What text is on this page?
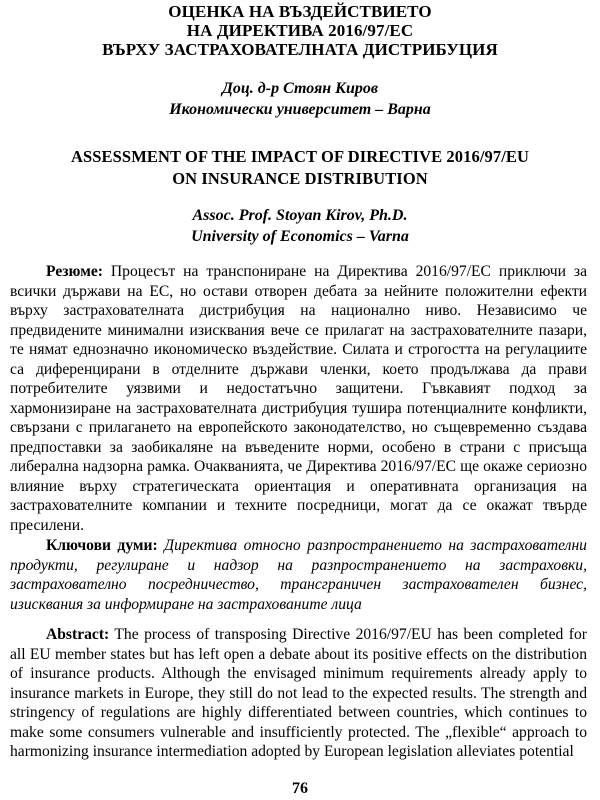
ОЦЕНКА НА ВЪЗДЕЙСТВИЕТО
НА ДИРЕКТИВА 2016/97/ЕС
ВЪРХУ ЗАСТРАХОВАТЕЛНАТА ДИСТРИБУЦИЯ
Доц. д-р Стоян Киров
Икономически университет – Варна
ASSESSMENT OF THE IMPACT OF DIRECTIVE 2016/97/EU
ON INSURANCE DISTRIBUTION
Assoc. Prof. Stoyan Kirov, Ph.D.
University of Economics – Varna

Резюме: Процесът на транспониране на Директива 2016/97/ЕС приключи за всички държави на ЕС, но остави отворен дебата за нейните положителни ефекти върху застрахователната дистрибуция на национално ниво. Независимо че предвидените минимални изисквания вече се прилагат на застрахователните пазари, те нямат еднозначно икономическо въздействие. Силата и строгостта на регулациите са диференцирани в отделните държави членки, което продължава да прави потребителите уязвими и недостатъчно защитени. Гъвкавият подход за хармонизиране на застрахователната дистрибуция туширa потенциалните конфликти, свързани с прилагането на европейското законодателство, но същевременно създава предпоставки за заобикаляне на въведените норми, особено в страни с присъща либерална надзорна рамка. Очакванията, че Директива 2016/97/ЕС ще окаже сериозно влияние върху стратегическата ориентация и оперативната организация на застрахователните компании и техните посредници, могат да се окажат твърде пресилени.

Ключови думи: Директива относно разпространението на застрахователни продукти, регулиране и надзор на разпространението на застраховки, застрахователно посредничество, трансграничен застрахователен бизнес, изисквания за информиране на застрахованите лица

Abstract: The process of transposing Directive 2016/97/EU has been completed for all EU member states but has left open a debate about its positive effects on the distribution of insurance products. Although the envisaged minimum requirements already apply to insurance markets in Europe, they still do not lead to the expected results. The strength and stringency of regulations are highly differentiated between countries, which continues to make some consumers vulnerable and insufficiently protected. The „flexible“ approach to harmonizing insurance intermediation adopted by European legislation alleviates potential

76
